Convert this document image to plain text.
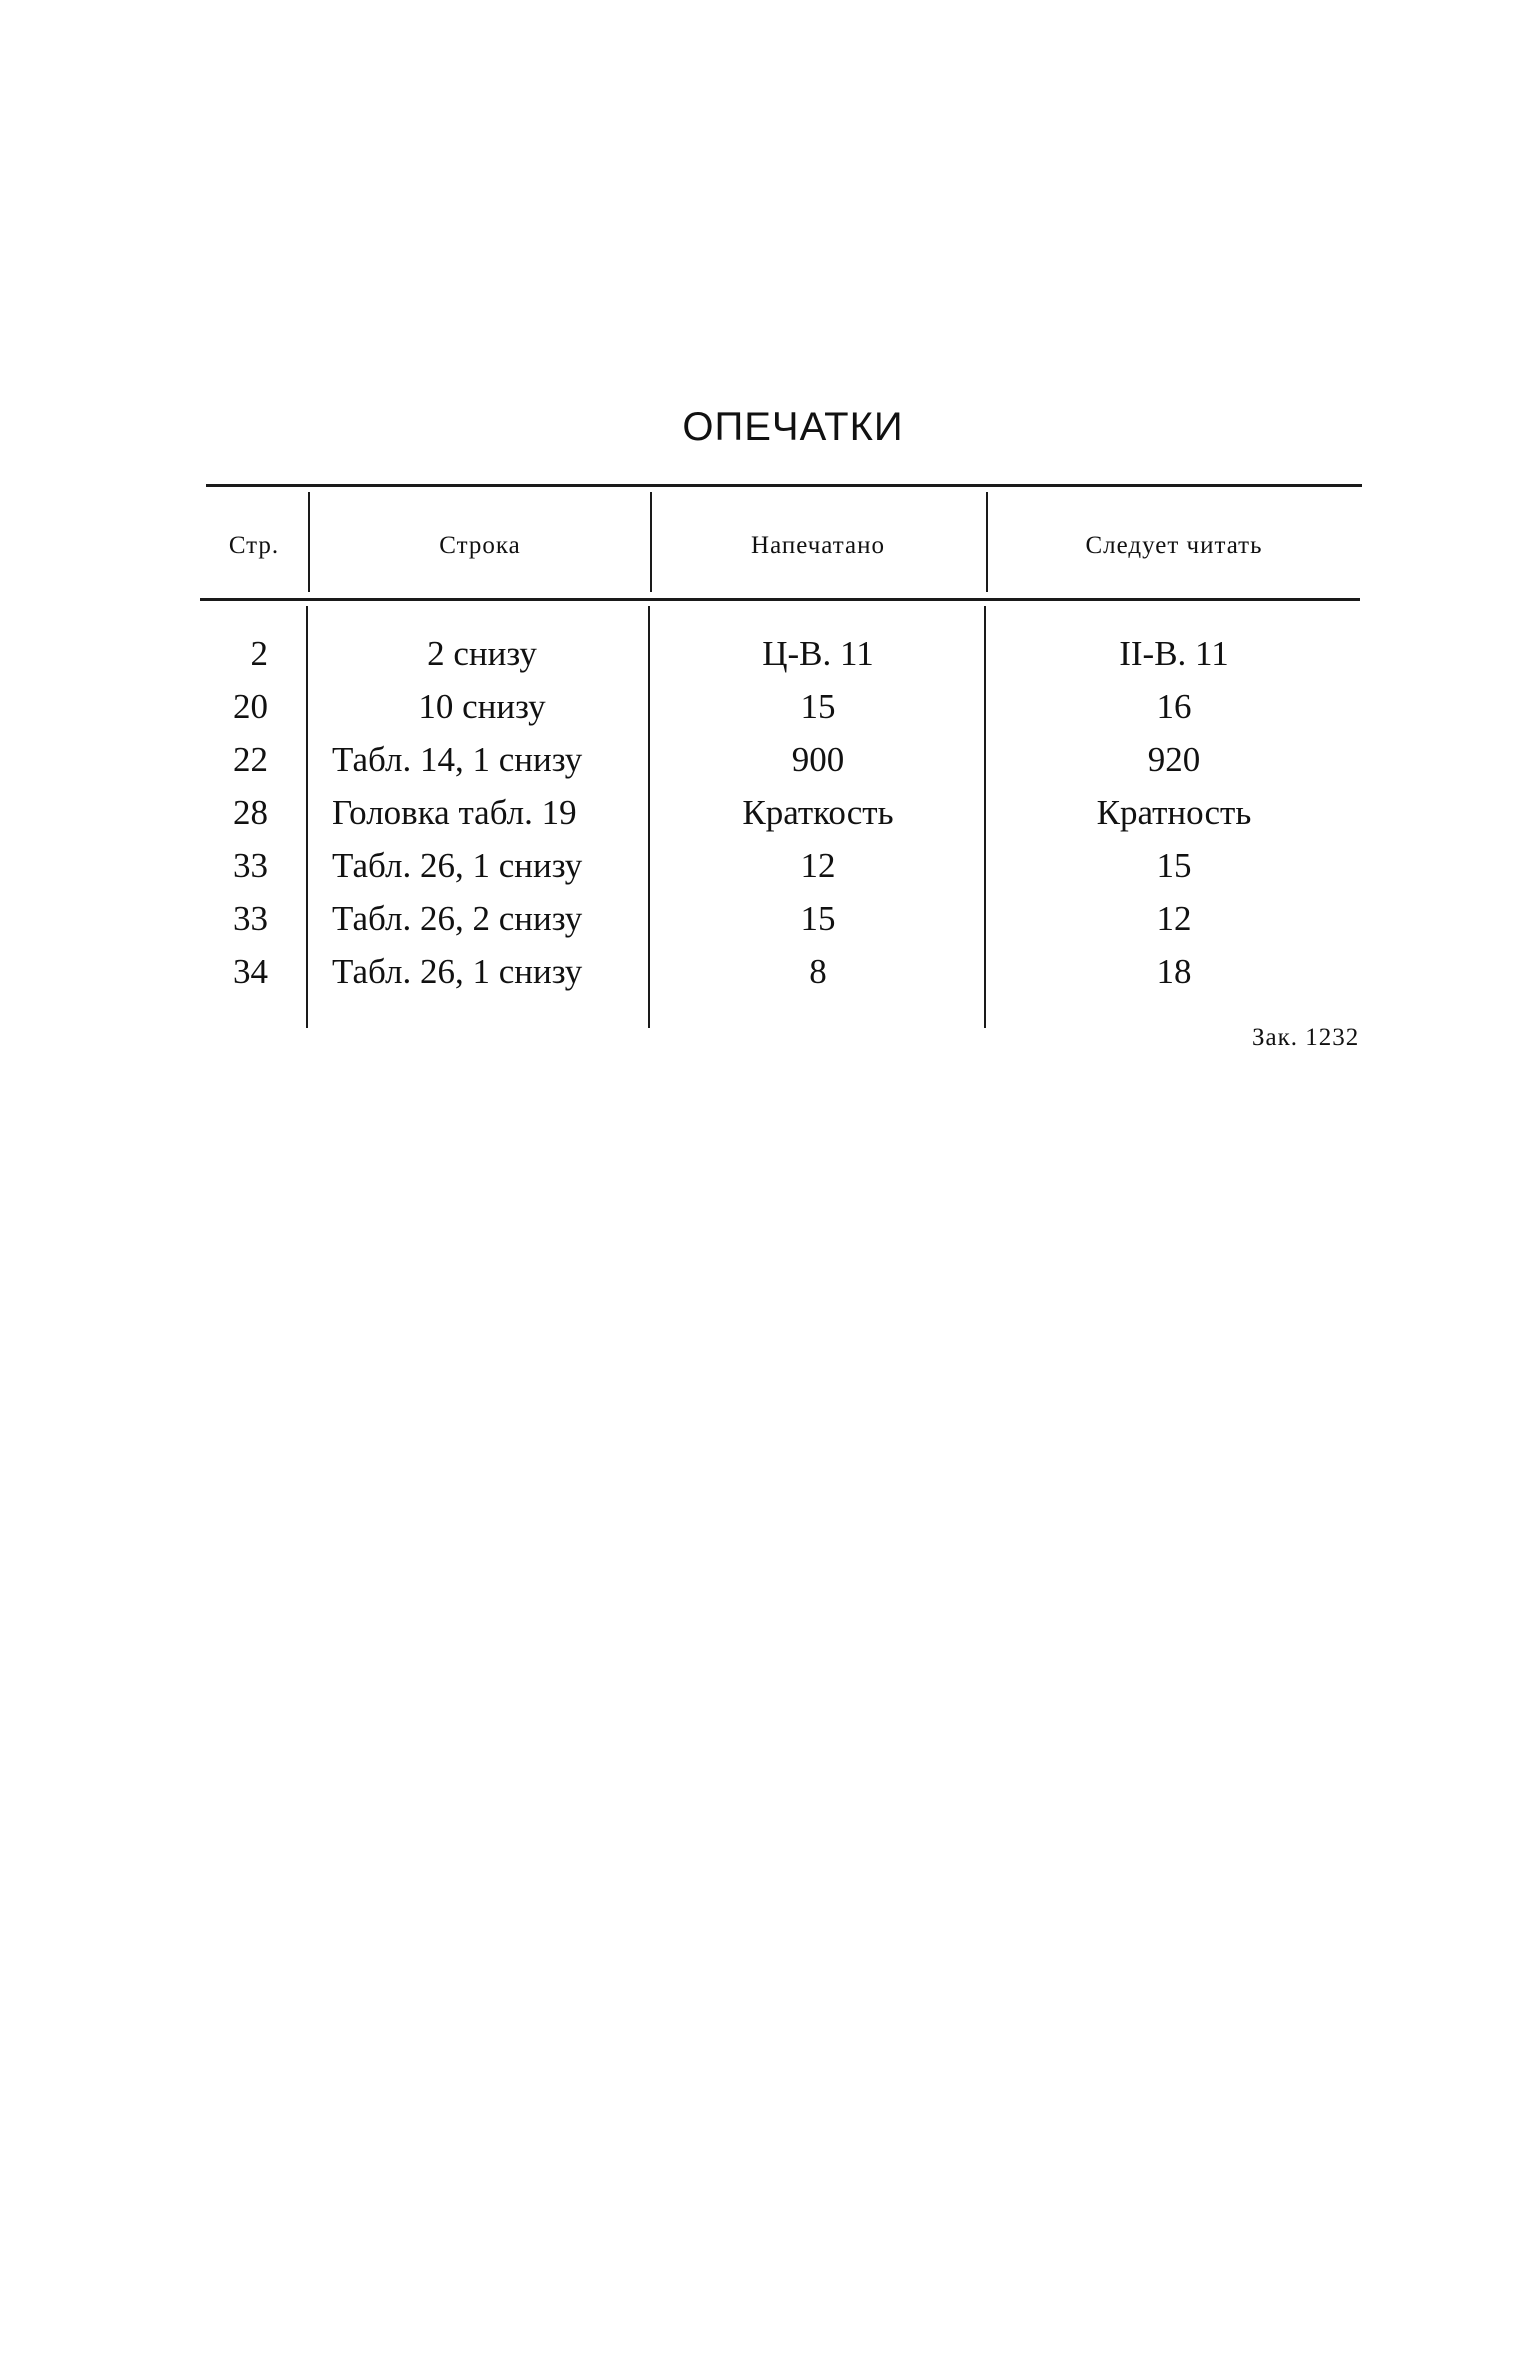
ОПЕЧАТКИ
Стр.	Строка	Напечатано	Следует читать
2	2 снизу	Ц-В. 11	II-В. 11
20	10 снизу	15	16
22 Табл. 14, 1 снизу	900	920
28 Головка табл. 19	Краткость	Кратность
33 Табл. 26, 1 снизу	12	15
33 Табл. 26, 2 снизу	15	12
34 Табл. 26, 1 снизу	8	18
Зак. 1232
